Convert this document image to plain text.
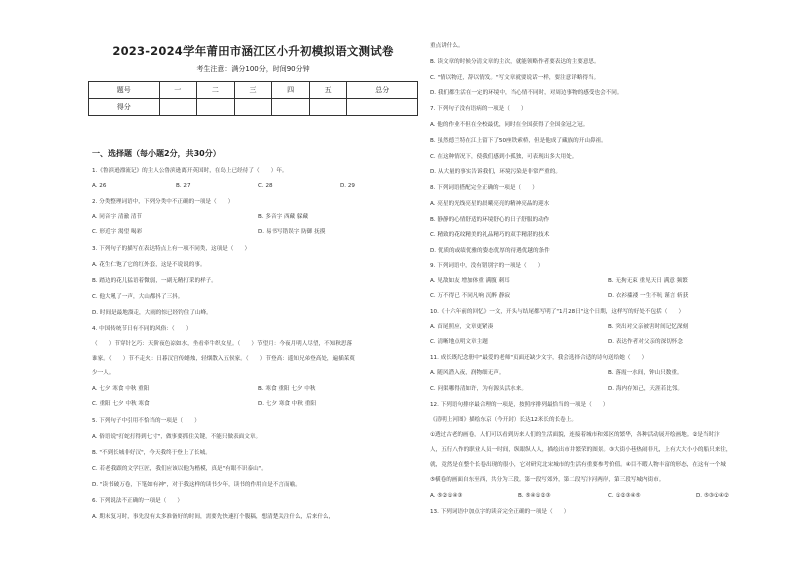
2023-2024学年莆田市涵江区小升初模拟语文测试卷
考生注意：满分100分，时间90分钟
题号	一	二	三	四	五	总分
得分						
一、选择题（每小题2分，共30分）
1.《鲁滨逊漂流记》的主人公鲁滨逊离开英国时，在岛上已经待了（　　）年。
A. 26	B. 27	C. 28	D. 29
2. 分类整理词语中，下列分类中不正确的一项是（　　）
A. 同音字 清澈 清节	B. 多音字 西藏 躲藏
C. 形近字 渴望 喝彩	D. 易书写错误字 防御 抚摸
3. 下列句子的描写在表达特点上有一项不同类，这项是（　　）
A. 花生仁饱了它的红外套，这是不说说的事。
B. 踏边的花儿猛语着微弱，一副无精打采的样子。
C. 他大吼了一声，大山都抖了三抖。
D. 时间是最地溜走，大雨的惊已经钓住了山峰。
4. 中国传统节日有不同的风俗：（　　）
（　　）节穿针乞巧：天阶夜色凉如水，坐看牵牛织女星。（　　）节望月：今夜月明人尽望，不知秋思落
谁家。（　　）节不走火：日暮汉宫传蜡烛，轻烟散入五侯家。（　　）节登高：遥知兄弟登高处，遍插茱萸
少一人。
A. 七夕 寒食 中秋 重阳	B. 寒食 重阳 七夕 中秋
C. 重阳 七夕 中秋 寒食	D. 七夕 寒食 中秋 重阳
5. 下列句子中引用不恰当的一项是（　　）
A. 俗语说"打蛇打得到七寸"，做事要抓住关键，不能只做表面文章。
B. "不到长城非好汉"，今天我终于登上了长城。
C. 若老我跟的文学巨匠，我们应该以他为楷模，真是"有眼不识泰山"。
D. "读书破万卷，下笔如有神"，对于我这样的读书少年，读书的作用自是不言而喻。
6. 下列说法不正确的一项是（　　）
A. 期末复习时，事先没有太多准备好的时间，需要先快速打个腹稿，想清楚关注什么，后来什么，
重点讲什么。
B. 读文章的时候分清文章的主次，就能领略作者要表达的主要意思。
C. "情以物迁，辞以情发。"写文章就要说话一样，要注意详略得当。
D. 我们都生活在一定的环境中，当心情不同时，对周边事物的感受也会不同。
7. 下列句子没有语病的一项是（　　）
A. 他的作业不但在全校最优，同时在全国获得了全国金冠之冠。
B. 虽然德兰特在江上留下了50座铁索桥，但是他成了藏族的开山鼻祖。
C. 在这种情况下，使我们感到小孤独，可表现出多大用处。
D. 从大量的事实告诉我们，环境污染是非常严重的。
8. 下列词语搭配完全正确的一项是（　　）
A. 亮星的光线亮星的晨曦亮亮的精神亮晶的迎水
B. 静静的心情舒适的环境舒心的日子舒服的动作
C. 精致的花纹精美的礼品精巧的双手精湛的技术
D. 优质的或绩优雅的姿态优厚的待遇优越的条件
9. 下列词语中，没有错别字的一项是（　　）
A. 见敌如友 增加体重 满腹 刺耳	B. 无拘无束 重见天日 满意 频繁
C. 万不得已 不同凡响 沉醉 静寂	D. 衣衫褴褛 一生不吭 谨言 斩获
10.《十六年前的回忆》一文，开头与结尾都写明了"1月28日"这个日期，这样写的好处不包括（　　）
A. 首尾照应，文章更紧凑	B. 突出对父亲被害时间记忆深刻
C. 清晰地点明文章主题	D. 表达作者对父亲的深切怀念
11. 成长既纪念册中"最爱的老师"页面还缺少文字，我会选择合适的诗句送给她（　　）
A. 随风潜入夜，润物细无声。	B. 落霞一水间，钟山只数重。
C. 问渠哪得清如许，为有源头活水来。	D. 海内存知己，天涯若比邻。
12. 下列语句排序最合理的一项是，按照序排列最恰当的一项是（　　）
《清明上河图》描绘东京（今开封）长达12米长的长卷上。
①透过古老的画卷，人们可以看到历来人们的生活面貌，连接着城市和郊区的繁华，各种活动展开绘画地。②是当时汴
人，五行八作的职业人员一时间，纵眼纵人人，描绘出市井繁荣的图景。③大街小巷热闹非凡，上有大大小小的船只来往，
就，竟然是在整个长卷出现的很小，它对研究北宋城市的生活有重要参考价值。④目不暇人物丰富的形态，在这有一个城
⑤横卷的画面自东至西，共分为三段。第一段写郊外，第二段写汴河两岸，第三段写城内街市。
A. ⑤②①④③	B. ⑤④①②③	C. ①②③④⑤	D. ⑤③①④②
13. 下列词语中加点字的读音完全正确的一项是（　　）
